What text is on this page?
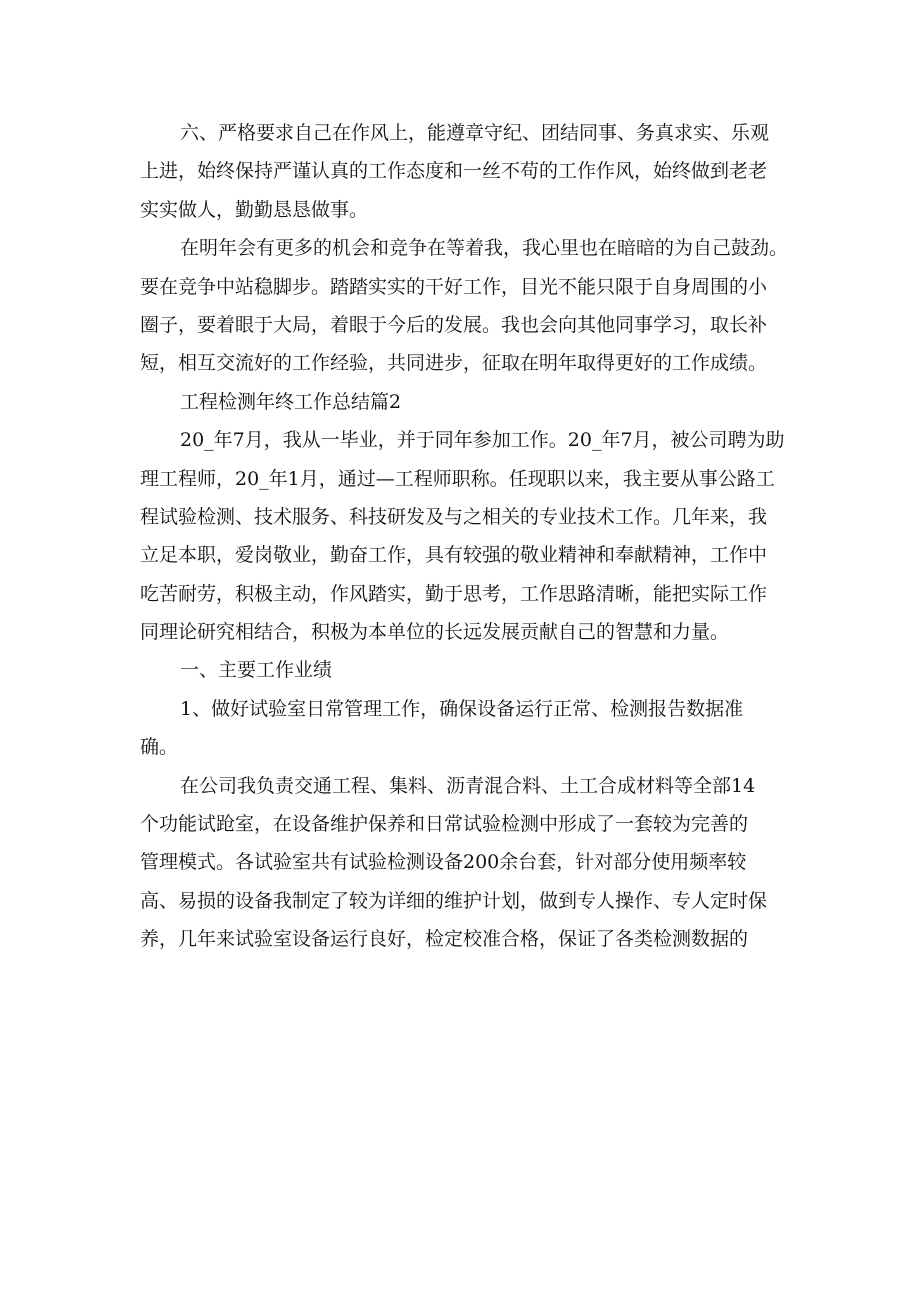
六、严格要求自己在作风上，能遵章守纪、团结同事、务真求实、乐观
上进，始终保持严谨认真的工作态度和一丝不苟的工作作风，始终做到老老
实实做人，勤勤恳恳做事。
在明年会有更多的机会和竞争在等着我，我心里也在暗暗的为自己鼓劲。
要在竞争中站稳脚步。踏踏实实的干好工作，目光不能只限于自身周围的小
圈子，要着眼于大局，着眼于今后的发展。我也会向其他同事学习，取长补
短，相互交流好的工作经验，共同进步，征取在明年取得更好的工作成绩。
工程检测年终工作总结篇2
20_年7月，我从一毕业，并于同年参加工作。20_年7月，被公司聘为助
理工程师，20_年1月，通过—工程师职称。任现职以来，我主要从事公路工
程试验检测、技术服务、科技研发及与之相关的专业技术工作。几年来，我
立足本职，爱岗敬业，勤奋工作，具有较强的敬业精神和奉献精神，工作中
吃苦耐劳，积极主动，作风踏实，勤于思考，工作思路清晰，能把实际工作
同理论研究相结合，积极为本单位的长远发展贡献自己的智慧和力量。
一、主要工作业绩
1、做好试验室日常管理工作，确保设备运行正常、检测报告数据准
确。
在公司我负责交通工程、集料、沥青混合料、土工合成材料等全部14
个功能试跄室，在设备维护保养和日常试验检测中形成了一套较为完善的
管理模式。各试验室共有试验检测设备200余台套，针对部分使用频率较
高、易损的设备我制定了较为详细的维护计划，做到专人操作、专人定时保
养，几年来试验室设备运行良好，检定校准合格，保证了各类检测数据的
